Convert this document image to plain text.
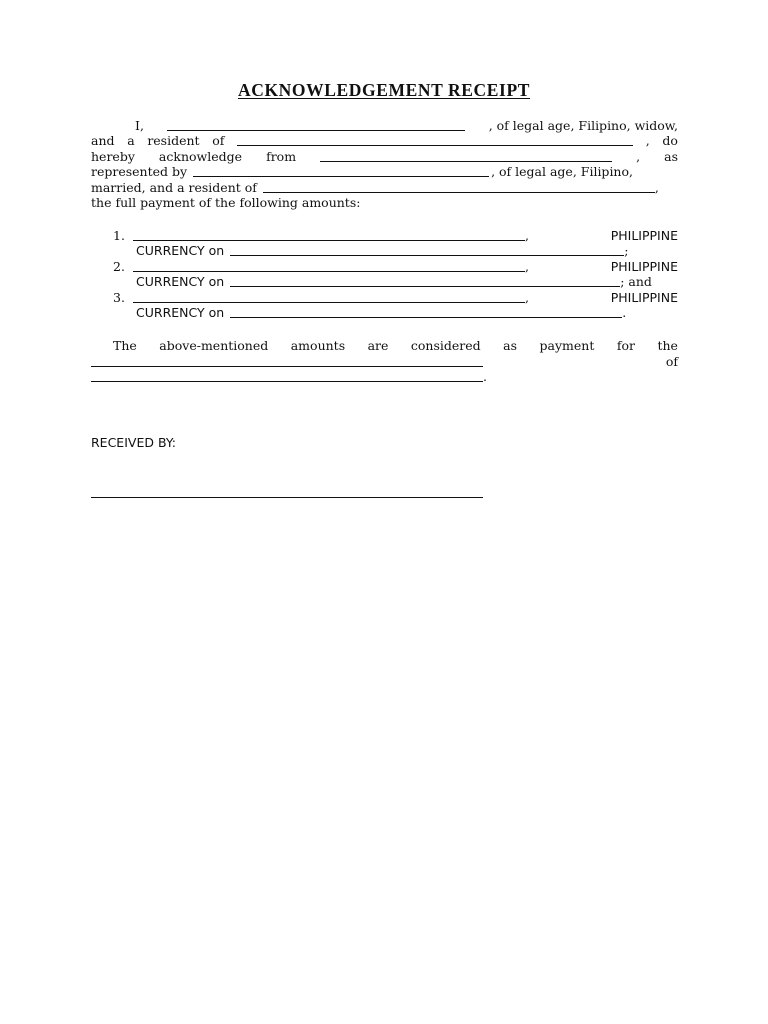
ACKNOWLEDGEMENT RECEIPT
I,	, of legal age, Filipino, widow,
and a resident of	, do
hereby acknowledge from	, as
represented by	, of legal age, Filipino,
married, and a resident of	,
the full payment of the following amounts:
1.	,	PHILIPPINE
CURRENCY on	;
2.	,	PHILIPPINE
CURRENCY on	; and
3.	,	PHILIPPINE
CURRENCY on	.
The above-mentioned amounts are considered as payment for the
of
.
RECEIVED BY:
